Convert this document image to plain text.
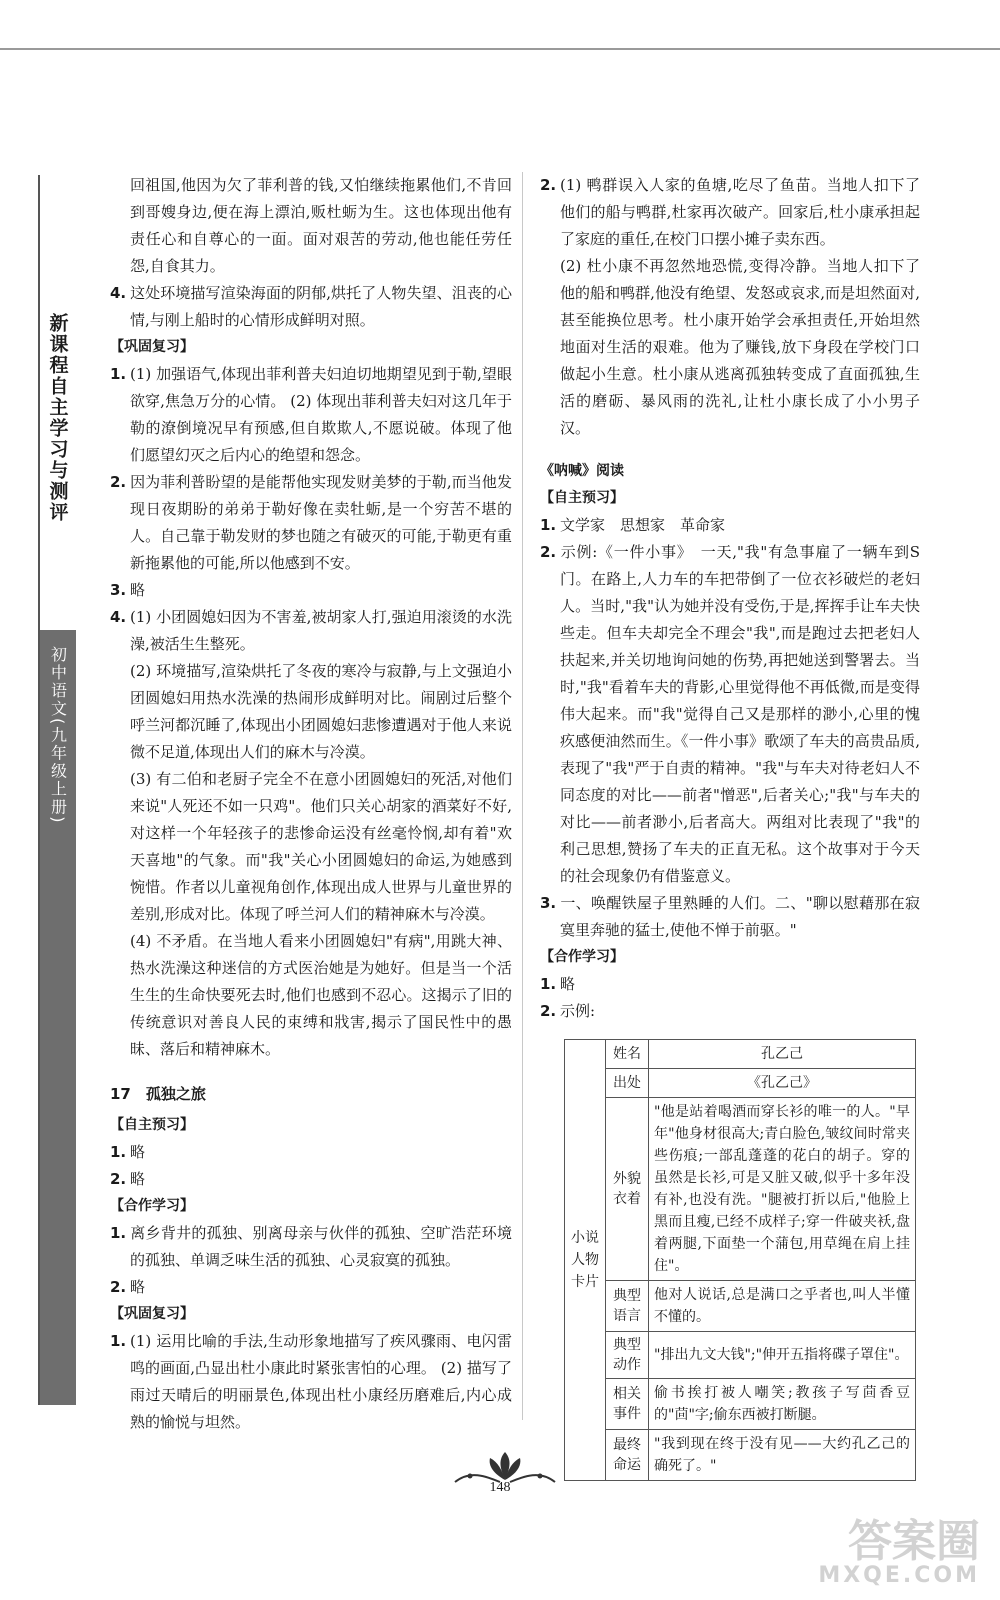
新课程自主学习与测评
初中语文(九年级上册)

回祖国,他因为欠了菲利普的钱,又怕继续拖累他们,不肯回到哥嫂身边,便在海上漂泊,贩杜蛎为生。这也体现出他有责任心和自尊心的一面。面对艰苦的劳动,他也能任劳任怨,自食其力。

4. 这处环境描写渲染海面的阴郁,烘托了人物失望、沮丧的心情,与刚上船时的心情形成鲜明对照。

【巩固复习】

1. (1) 加强语气,体现出菲利普夫妇迫切地期望见到于勒,望眼欲穿,焦急万分的心情。 (2) 体现出菲利普夫妇对这几年于勒的潦倒境况早有预感,但自欺欺人,不愿说破。体现了他们愿望幻灭之后内心的绝望和怨念。

2. 因为菲利普盼望的是能帮他实现发财美梦的于勒,而当他发现日夜期盼的弟弟于勒好像在卖牡蛎,是一个穷苦不堪的人。自己靠于勒发财的梦也随之有破灭的可能,于勒更有重新拖累他的可能,所以他感到不安。

3. 略

4. (1) 小团圆媳妇因为不害羞,被胡家人打,强迫用滚烫的水洗澡,被活生生整死。

(2) 环境描写,渲染烘托了冬夜的寒冷与寂静,与上文强迫小团圆媳妇用热水洗澡的热闹形成鲜明对比。闹剧过后整个呼兰河都沉睡了,体现出小团圆媳妇悲惨遭遇对于他人来说微不足道,体现出人们的麻木与冷漠。

(3) 有二伯和老厨子完全不在意小团圆媳妇的死活,对他们来说"人死还不如一只鸡"。他们只关心胡家的酒菜好不好,对这样一个年轻孩子的悲惨命运没有丝毫怜悯,却有着"欢天喜地"的气象。而"我"关心小团圆媳妇的命运,为她感到惋惜。作者以儿童视角创作,体现出成人世界与儿童世界的差别,形成对比。体现了呼兰河人们的精神麻木与冷漠。

(4) 不矛盾。在当地人看来小团圆媳妇"有病",用跳大神、热水洗澡这种迷信的方式医治她是为她好。但是当一个活生生的生命快要死去时,他们也感到不忍心。这揭示了旧的传统意识对善良人民的束缚和戕害,揭示了国民性中的愚昧、落后和精神麻木。

17　孤独之旅

【自主预习】

1. 略

2. 略

【合作学习】

1. 离乡背井的孤独、别离母亲与伙伴的孤独、空旷浩茫环境的孤独、单调乏味生活的孤独、心灵寂寞的孤独。

2. 略

【巩固复习】

1. (1) 运用比喻的手法,生动形象地描写了疾风骤雨、电闪雷鸣的画面,凸显出杜小康此时紧张害怕的心理。 (2) 描写了雨过天晴后的明丽景色,体现出杜小康经历磨难后,内心成熟的愉悦与坦然。

2. (1) 鸭群误入人家的鱼塘,吃尽了鱼苗。当地人扣下了他们的船与鸭群,杜家再次破产。回家后,杜小康承担起了家庭的重任,在校门口摆小摊子卖东西。

(2) 杜小康不再忽然地恐慌,变得冷静。当地人扣下了他的船和鸭群,他没有绝望、发怒或哀求,而是坦然面对,甚至能换位思考。杜小康开始学会承担责任,开始坦然地面对生活的艰难。他为了赚钱,放下身段在学校门口做起小生意。杜小康从逃离孤独转变成了直面孤独,生活的磨砺、暴风雨的洗礼,让杜小康长成了小小男子汉。

《呐喊》阅读

【自主预习】

1. 文学家　思想家　革命家

2. 示例:《一件小事》　一天,"我"有急事雇了一辆车到S门。在路上,人力车的车把带倒了一位衣衫破烂的老妇人。当时,"我"认为她并没有受伤,于是,挥挥手让车夫快些走。但车夫却完全不理会"我",而是跑过去把老妇人扶起来,并关切地询问她的伤势,再把她送到警署去。当时,"我"看着车夫的背影,心里觉得他不再低微,而是变得伟大起来。而"我"觉得自己又是那样的渺小,心里的愧疚感便油然而生。《一件小事》歌颂了车夫的高贵品质,表现了"我"严于自责的精神。"我"与车夫对待老妇人不同态度的对比——前者"憎恶",后者关心;"我"与车夫的对比——前者渺小,后者高大。两组对比表现了"我"的利己思想,赞扬了车夫的正直无私。这个故事对于今天的社会现象仍有借鉴意义。

3. 一、唤醒铁屋子里熟睡的人们。二、"聊以慰藉那在寂寞里奔驰的猛士,使他不惮于前驱。"

【合作学习】

1. 略

2. 示例:

小说人物卡片	姓名	孔乙己
	出处	《孔乙己》
	外貌衣着	"他是站着喝酒而穿长衫的唯一的人。"早年"他身材很高大;青白脸色,皱纹间时常夹些伤痕;一部乱蓬蓬的花白的胡子。穿的虽然是长衫,可是又脏又破,似乎十多年没有补,也没有洗。"腿被打折以后,"他脸上黑而且瘦,已经不成样子;穿一件破夹袄,盘着两腿,下面垫一个蒲包,用草绳在肩上挂住"。
	典型语言	他对人说话,总是满口之乎者也,叫人半懂不懂的。
	典型动作	"排出九文大钱";"伸开五指将碟子罩住"。
	相关事件	偷书挨打被人嘲笑;教孩子写茴香豆的"茴"字;偷东西被打断腿。
	最终命运	"我到现在终于没有见——大约孔乙己的确死了。"
148
答案圈
MXQE.COM
